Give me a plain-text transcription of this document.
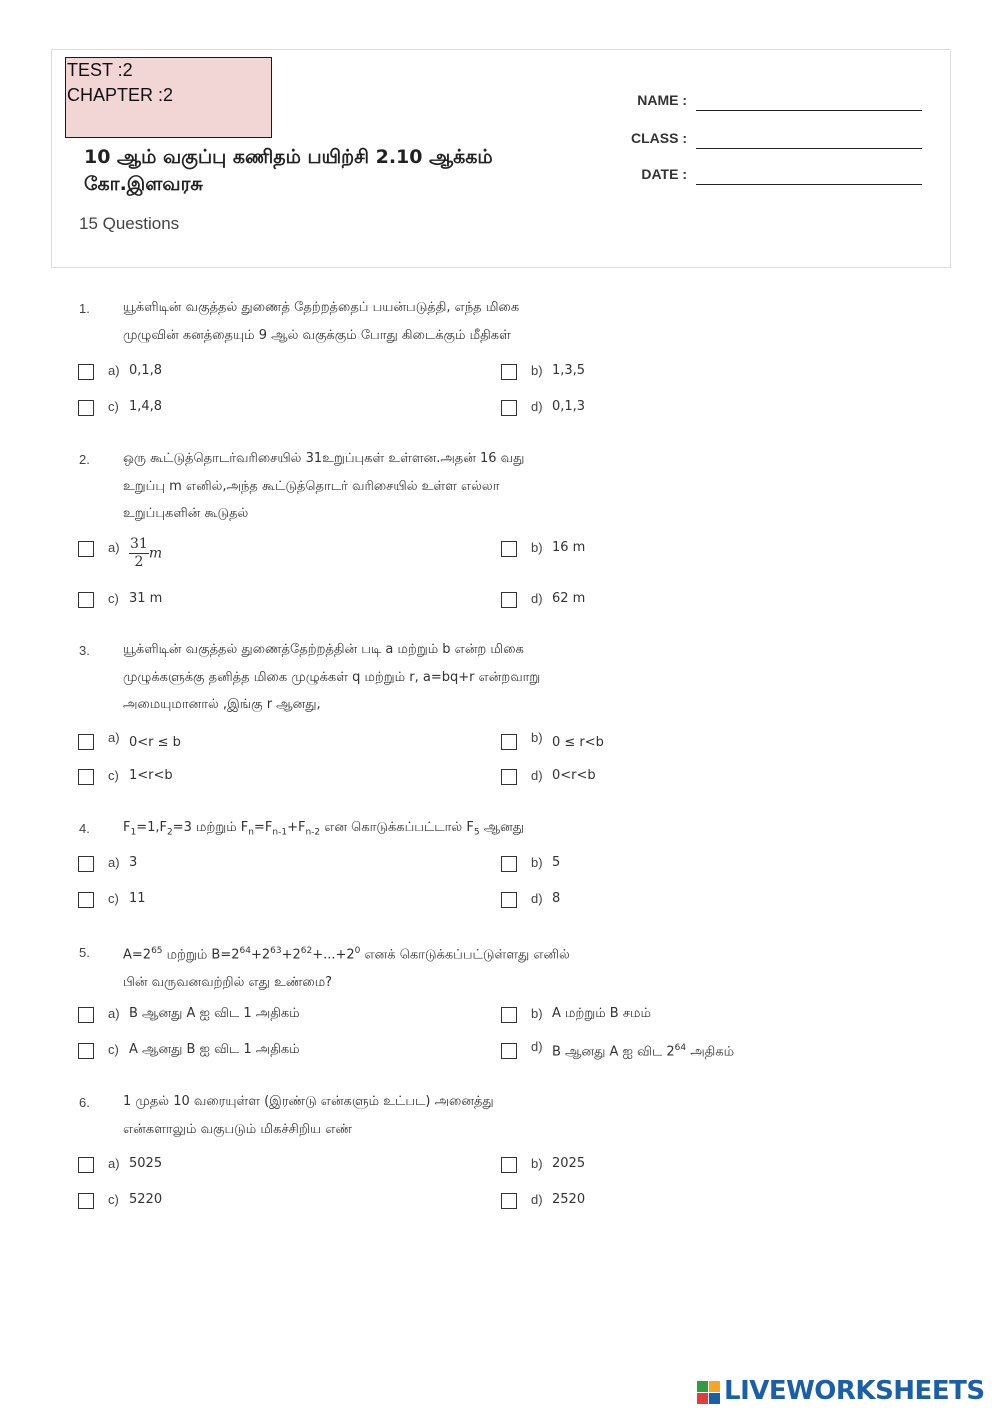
TEST :2
CHAPTER :2
10 ஆம் வகுப்பு கணிதம் பயிற்சி 2.10 ஆக்கம்
கோ.இளவரசு
15 Questions
NAME :
CLASS :
DATE :
1.	யூக்ளிடின் வகுத்தல் துணைத் தேற்றத்தைப் பயன்படுத்தி, எந்த மிகை
முழுவின் கனத்தையும் 9 ஆல் வகுக்கும் போது கிடைக்கும் மீதிகள்
a) 0,1,8	b) 1,3,5
c) 1,4,8	d) 0,1,3
2.	ஒரு கூட்டுத்தொடர்வரிசையில் 31உறுப்புகள் உள்ளன.அதன் 16 வது
உறுப்பு m எனில்,அந்த கூட்டுத்தொடர் வரிசையில் உள்ள எல்லா
உறுப்புகளின் கூடுதல்
$a) \frac{31}{2}$ m	b) 16 m
c) 31 m	d) 62 m
3.	யூக்ளிடின் வகுத்தல் துணைத்தேற்றத்தின் படி a மற்றும் b என்ற மிகை
முழுக்களுக்கு தனித்த மிகை முழுக்கள் q மற்றும் r, a=bq+r என்றவாறு
அமையுமானால் ,இங்கு r ஆனது,
a) 0<r ≤ b	b) 0 ≤ r<b
c) 1<r<b	d) 0<r<b
4.	$F_1=1,F_2=3$ மற்றும் $F_n=F_{n-1}+F_{n-2}$ என கொடுக்கப்பட்டால் $F_5$ ஆனது
a) 3	b) 5
c) 11	d) 8
5.	$A=2^{65}$ மற்றும் $B=2^{64}+2^{63}+2^{62}+...+2^0$ எனக் கொடுக்கப்பட்டுள்ளது எனில்
பின் வருவனவற்றில் எது உண்மை?
a) B ஆனது A ஐ விட 1 அதிகம்	b) A மற்றும் B சமம்
c) A ஆனது B ஐ விட 1 அதிகம்	d) B ஆனது A ஐ விட $2^{64}$ அதிகம்
6.	1 முதல் 10 வரையுள்ள (இரண்டு என்களும் உட்பட) அனைத்து
என்களாலும் வகுபடும் மிகச்சிறிய எண்
a) 5025	b) 2025
c) 5220	d) 2520
LIVEWORKSHEETS
